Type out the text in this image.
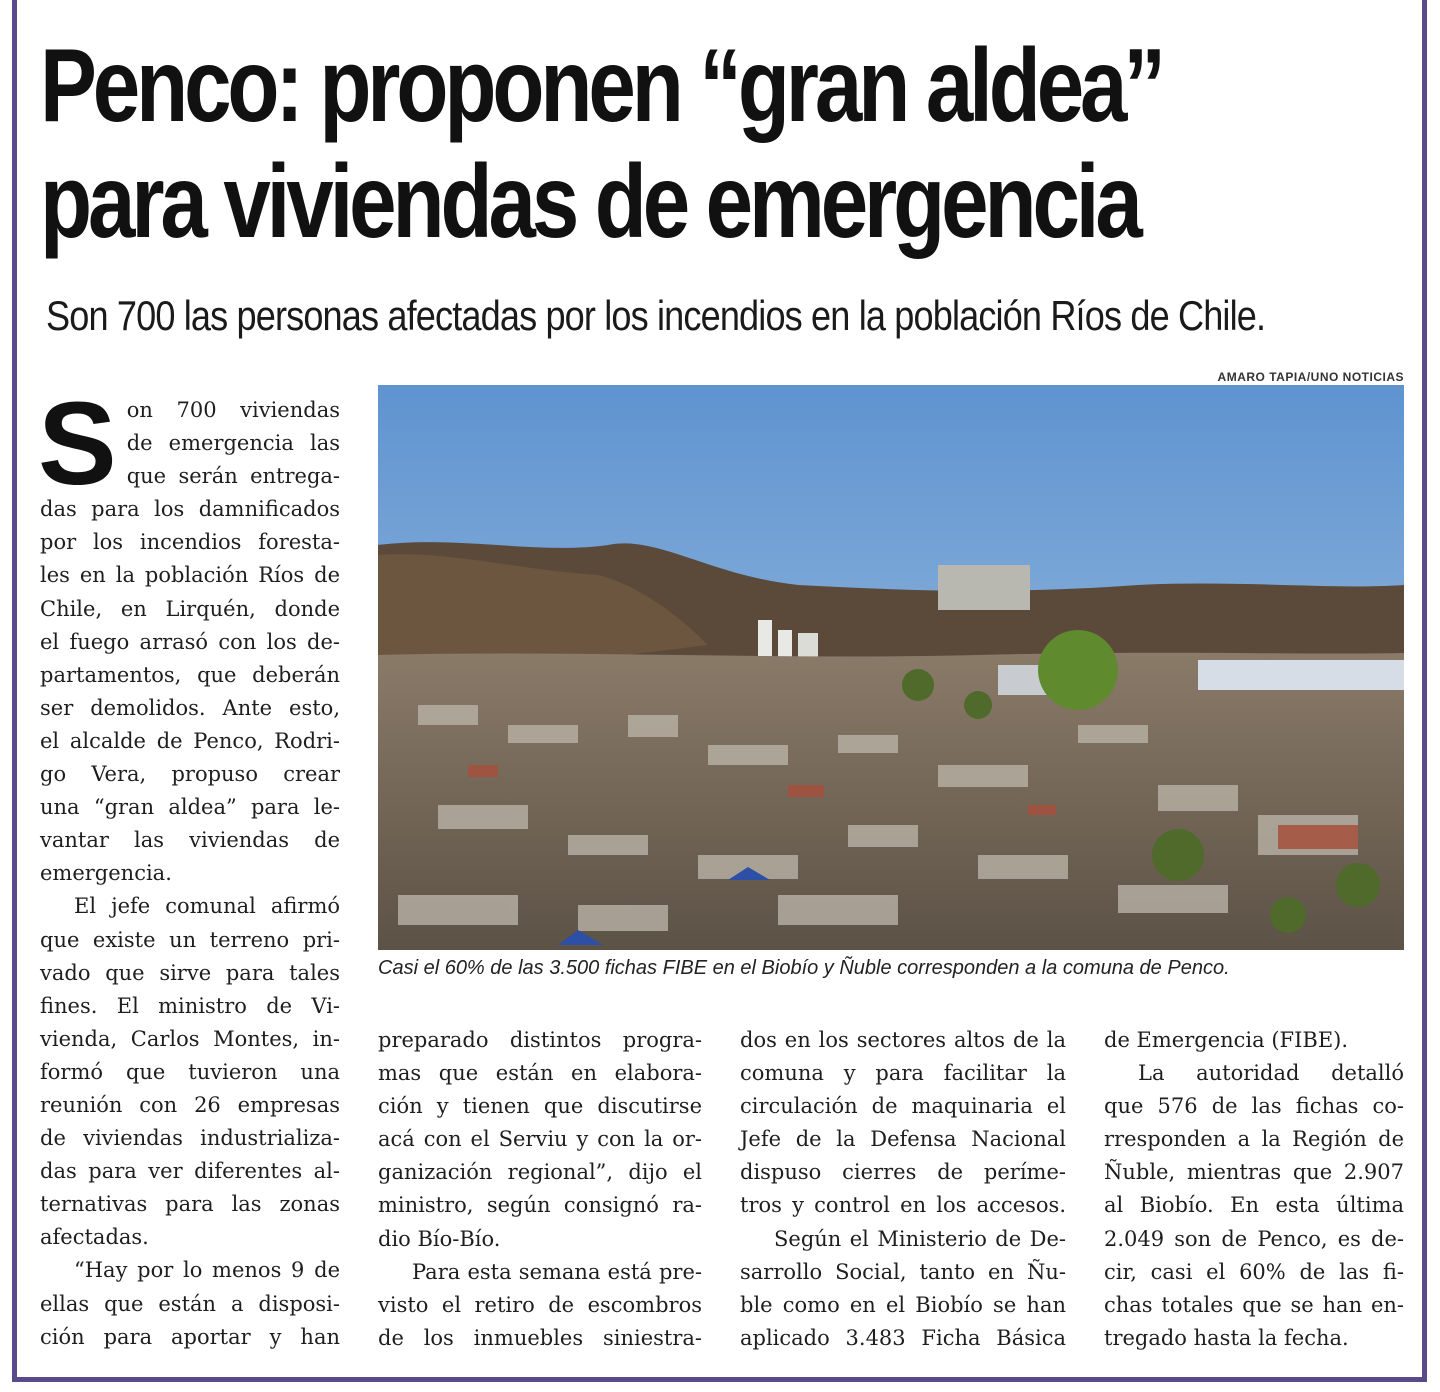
Penco: proponen “gran aldea”
para viviendas de emergencia

Son 700 las personas afectadas por los incendios en la población Ríos de Chile.

AMARO TAPIA/UNO NOTICIAS
Casi el 60% de las 3.500 fichas FIBE en el Biobío y Ñuble corresponden a la comuna de Penco.
S on 700 viviendas
de emergencia las
que serán entrega-
das para los damnificados
por los incendios foresta-
les en la población Ríos de
Chile, en Lirquén, donde
el fuego arrasó con los de-
partamentos, que deberán
ser demolidos. Ante esto,
el alcalde de Penco, Rodri-
go Vera, propuso crear
una “gran aldea” para le-
vantar las viviendas de
emergencia.
El jefe comunal afirmó
que existe un terreno pri-
vado que sirve para tales
fines. El ministro de Vi-
vienda, Carlos Montes, in-
formó que tuvieron una
reunión con 26 empresas
de viviendas industrializa-
das para ver diferentes al-
ternativas para las zonas
afectadas.
“Hay por lo menos 9 de
ellas que están a disposi-
ción para aportar y han
preparado distintos progra-
mas que están en elabora-
ción y tienen que discutirse
acá con el Serviu y con la or-
ganización regional”, dijo el
ministro, según consignó ra-
dio Bío-Bío.
Para esta semana está pre-
visto el retiro de escombros
de los inmuebles siniestra-
dos en los sectores altos de la
comuna y para facilitar la
circulación de maquinaria el
Jefe de la Defensa Nacional
dispuso cierres de períme-
tros y control en los accesos.
Según el Ministerio de De-
sarrollo Social, tanto en Ñu-
ble como en el Biobío se han
aplicado 3.483 Ficha Básica
de Emergencia (FIBE).
La autoridad detalló
que 576 de las fichas co-
rresponden a la Región de
Ñuble, mientras que 2.907
al Biobío. En esta última
2.049 son de Penco, es de-
cir, casi el 60% de las fi-
chas totales que se han en-
tregado hasta la fecha.
